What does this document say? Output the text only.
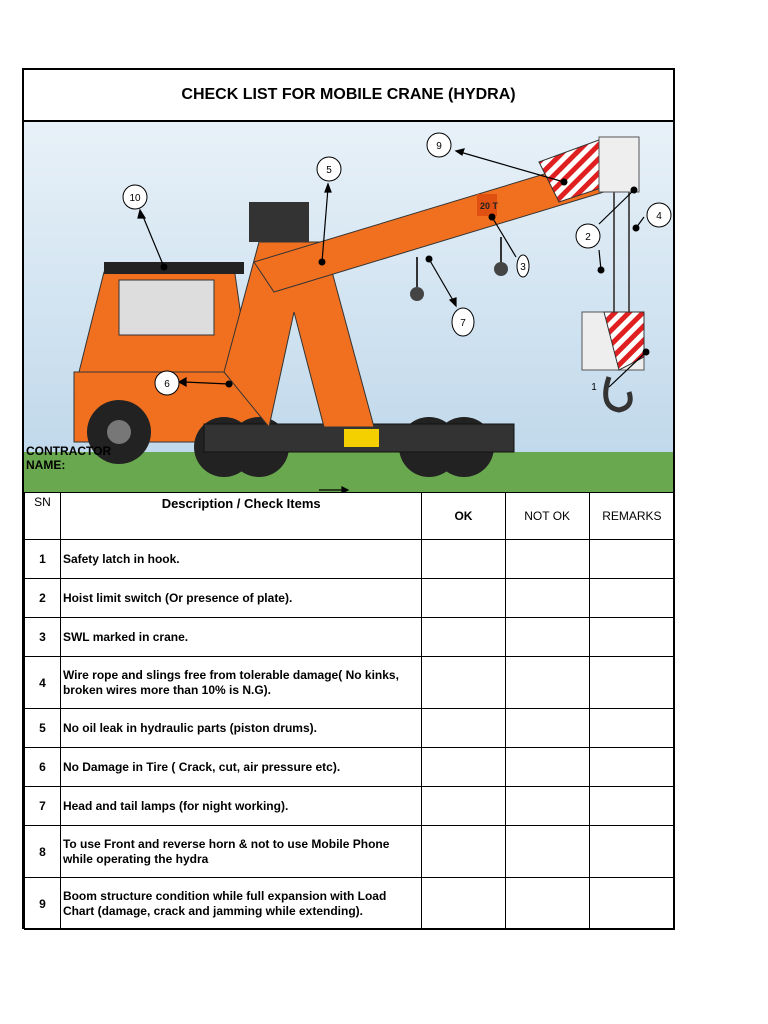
CHECK LIST FOR MOBILE CRANE (HYDRA)
20 T
10
5
9
4
2
3
7
6	1
CONTRACTOR NAME:
SN	Description / Check Items	OK	NOT OK	REMARKS
1	Safety latch in hook.			
2	Hoist limit switch (Or presence of plate).			
3	SWL marked in crane.			
4	Wire rope and slings free from tolerable damage( No kinks, broken wires more than 10% is N.G).			
5	No oil leak in hydraulic parts (piston drums).			
6	No Damage in Tire ( Crack, cut, air pressure etc).			
7	Head and tail lamps (for night working).			
8	To use Front and reverse horn & not to use Mobile Phone while operating the hydra			
9	Boom structure condition while full expansion with Load Chart (damage, crack and jamming while extending).			
